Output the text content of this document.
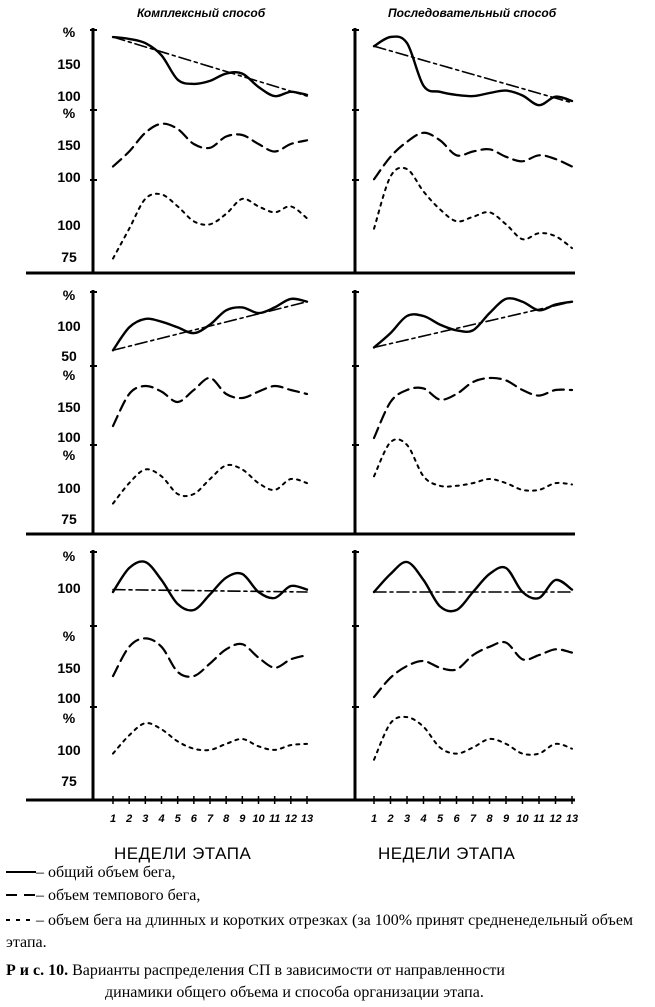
Комплексный способ	Последовательный способ
%
150
100
%
150
100
100
75
%
100
50
%
150
100
%
100
75
%
100
%
150
100
%
100
75
1 2 3 4 5 6 7 8 9 10 11 12 13	1 2 3 4 5 6 7 8 9 10 11 12 13
НЕДЕЛИ ЭТАПА	НЕДЕЛИ ЭТАПА
– общий объем бега,
– объем темпового бега,
– объем бега на длинных и коротких отрезках (за 100% принят средненедельный объем этапа.
Р и с. 10. Варианты распределения СП в зависимости от направленности
динамики общего объема и способа организации этапа.
